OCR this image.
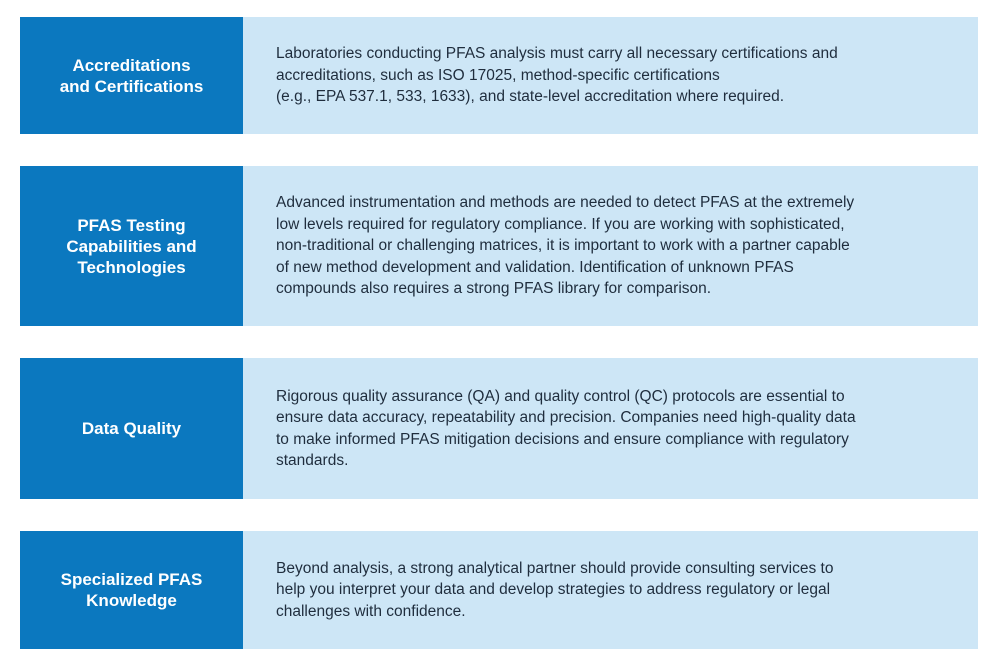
Accreditations
and Certifications

Laboratories conducting PFAS analysis must carry all necessary certifications and
accreditations, such as ISO 17025, method-specific certifications
(e.g., EPA 537.1, 533, 1633), and state-level accreditation where required.

PFAS Testing
Capabilities and
Technologies

Advanced instrumentation and methods are needed to detect PFAS at the extremely
low levels required for regulatory compliance. If you are working with sophisticated,
non-traditional or challenging matrices, it is important to work with a partner capable
of new method development and validation. Identification of unknown PFAS
compounds also requires a strong PFAS library for comparison.

Data Quality

Rigorous quality assurance (QA) and quality control (QC) protocols are essential to
ensure data accuracy, repeatability and precision. Companies need high-quality data
to make informed PFAS mitigation decisions and ensure compliance with regulatory
standards.

Specialized PFAS
Knowledge

Beyond analysis, a strong analytical partner should provide consulting services to
help you interpret your data and develop strategies to address regulatory or legal
challenges with confidence.
